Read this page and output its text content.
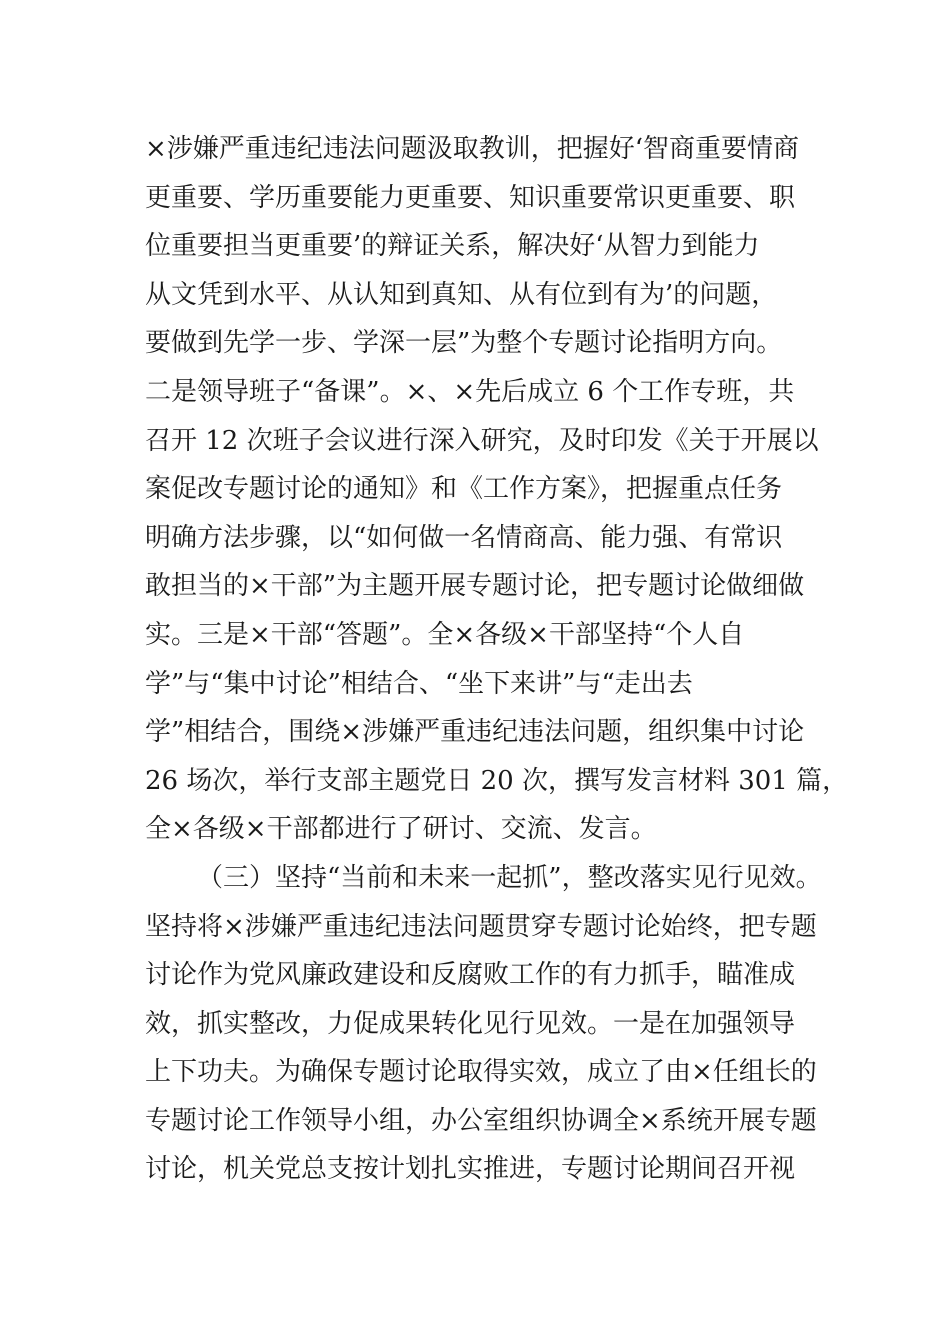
×涉嫌严重违纪违法问题汲取教训，把握好‘智商重要情商
更重要、学历重要能力更重要、知识重要常识更重要、职
位重要担当更重要’的辩证关系，解决好‘从智力到能力
从文凭到水平、从认知到真知、从有位到有为’的问题，
要做到先学一步、学深一层”为整个专题讨论指明方向。
二是领导班子“备课”。×、×先后成立 6 个工作专班，共
召开 12 次班子会议进行深入研究，及时印发《关于开展以
案促改专题讨论的通知》和《工作方案》，把握重点任务
明确方法步骤，以“如何做一名情商高、能力强、有常识
敢担当的×干部”为主题开展专题讨论，把专题讨论做细做
实。三是×干部“答题”。全×各级×干部坚持“个人自
学”与“集中讨论”相结合、“坐下来讲”与“走出去
学”相结合，围绕×涉嫌严重违纪违法问题，组织集中讨论
26 场次，举行支部主题党日 20 次，撰写发言材料 301 篇，
全×各级×干部都进行了研讨、交流、发言。
（三）坚持“当前和未来一起抓”，整改落实见行见效。
坚持将×涉嫌严重违纪违法问题贯穿专题讨论始终，把专题
讨论作为党风廉政建设和反腐败工作的有力抓手，瞄准成
效，抓实整改，力促成果转化见行见效。一是在加强领导
上下功夫。为确保专题讨论取得实效，成立了由×任组长的
专题讨论工作领导小组，办公室组织协调全×系统开展专题
讨论，机关党总支按计划扎实推进，专题讨论期间召开视
